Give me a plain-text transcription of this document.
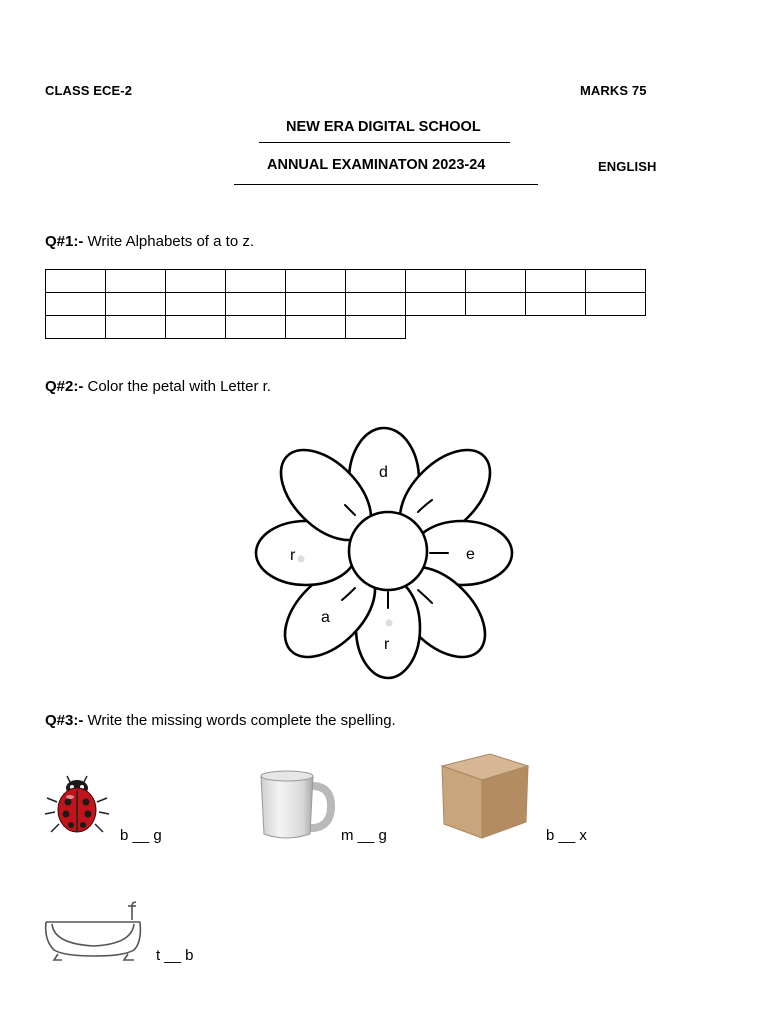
CLASS ECE-2	MARKS 75
NEW ERA DIGITAL SCHOOL
ANNUAL EXAMINATON 2023-24	ENGLISH
Q#1:- Write Alphabets of a to z.

Q#2:- Color the petal with Letter r.
d
r	e
a
r
Q#3:- Write the missing words complete the spelling.
b __ g	m __ g	b __ x
t __ b
